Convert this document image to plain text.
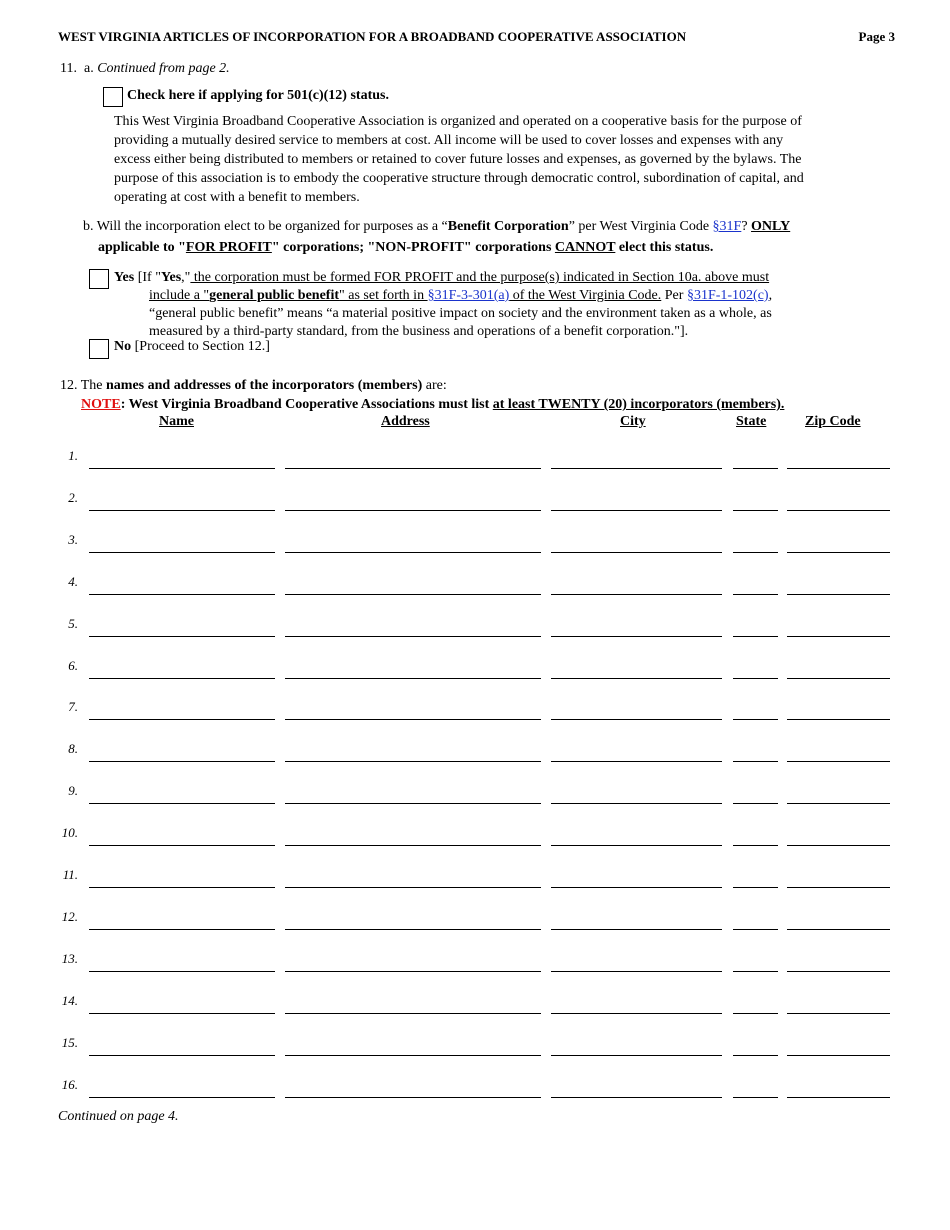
WEST VIRGINIA ARTICLES OF INCORPORATION FOR A BROADBAND COOPERATIVE ASSOCIATION	Page 3
11. a. Continued from page 2.
Check here if applying for 501(c)(12) status.
This West Virginia Broadband Cooperative Association is organized and operated on a cooperative basis for the purpose of
providing a mutually desired service to members at cost. All income will be used to cover losses and expenses with any
excess either being distributed to members or retained to cover future losses and expenses, as governed by the bylaws. The
purpose of this association is to embody the cooperative structure through democratic control, subordination of capital, and
operating at cost with a benefit to members.
b. Will the incorporation elect to be organized for purposes as a “Benefit Corporation” per West Virginia Code §31F? ONLY
applicable to "FOR PROFIT" corporations; "NON-PROFIT" corporations CANNOT elect this status.
Yes [If "Yes," the corporation must be formed FOR PROFIT and the purpose(s) indicated in Section 10a. above must
include a "general public benefit" as set forth in §31F-3-301(a) of the West Virginia Code. Per §31F-1-102(c),
“general public benefit” means “a material positive impact on society and the environment taken as a whole, as
measured by a third-party standard, from the business and operations of a benefit corporation."].
No [Proceed to Section 12.]
12. The names and addresses of the incorporators (members) are:
NOTE: West Virginia Broadband Cooperative Associations must list at least TWENTY (20) incorporators (members).
Name	Address	City	State	Zip Code
1.
2.
3.
4.
5.
6.
7.
8.
9.
10.
11.
12.
13.
14.
15.
16.
Continued on page 4.
